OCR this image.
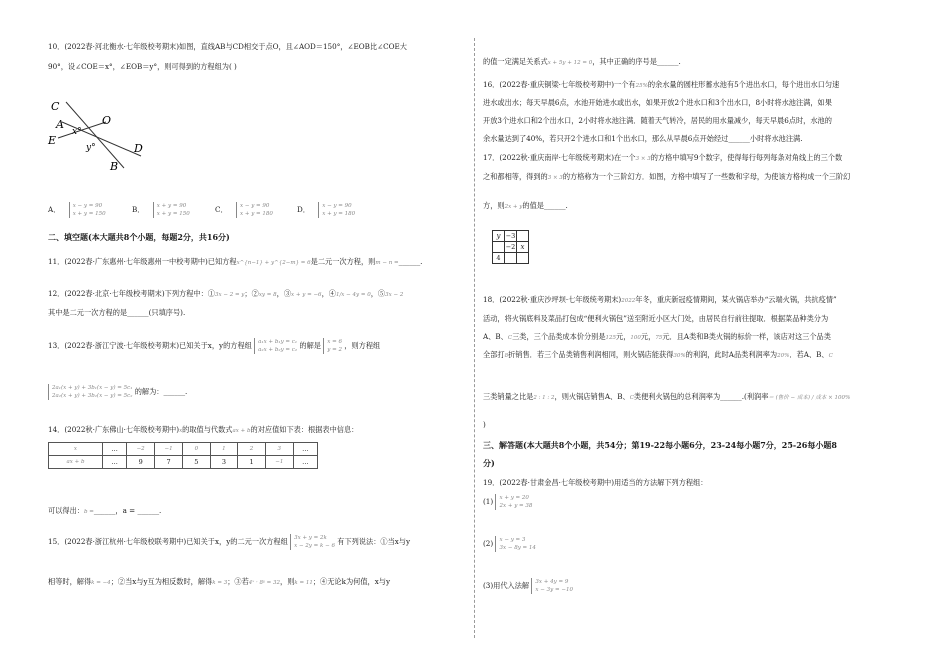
10．(2022春·河北衡水·七年级校考期末)如图，直线AB与CD相交于点O，且∠AOD＝150°，∠EOB比∠COE大
90°，设∠COE＝x°，∠EOB＝y°，则可得到的方程组为( )
C
A
E
x°
O
y°
B
D
A． x − y = 90
x + y = 150	B． x + y = 90
x + y = 150	C． x − y = 90
x + y = 180	D． x − y = 90
x + y = 180
二、填空题(本大题共8个小题，每题2分，共16分)
11．(2022春·广东惠州·七年级惠州一中校考期中)已知方程x^{n−1} + y^{2−m} = 6是二元一次方程，则m − n =______.
12．(2022春·北京·七年级校考期末)下列方程中：①3x − 2 = y；②xy = 8，③x + y = −6，④1/x − 4y = 0，⑤3x − 2
其中是二元一次方程的是______(只填序号).
13．(2022春·浙江宁波·七年级校考期末)已知关于x，y的方程组 a₁x + b₁y = c₁
a₂x + b₂y = c₂ 的解是 x = 6
y = 2 ，则方程组
2a₁(x + y) + 3b₁(x − y) = 5c₁
2a₂(x + y) + 3b₂(x − y) = 5c₂ 的解为：______.
14．(2022秋·广东佛山·七年级校考期中)x的取值与代数式ax + b的对应值如下表：根据表中信息：
x	…	−2	−1	0	1	2	3	…
ax + b	…	9	7	5	3	1	−1	…
可以得出：b =______，a = ______.
15．(2022春·浙江杭州·七年级校联考期中)已知关于x，y的二元一次方程组 3x + y = 2k
x − 2y = k − 6 有下列说法：①当x与y
相等时，解得k = −4；②当x与y互为相反数时，解得k = 3；③若4ˣ · 8ʸ = 32，则k = 11；④无论k为何值，x与y
的值一定满足关系式x + 5y + 12 = 0，其中正确的序号是______.
16．(2022春·重庆铜梁·七年级校考期中)一个有25%的余水量的圆柱形蓄水池有5个进出水口，每个进出水口匀速
进水或出水；每天早晨6点，水池开始进水或出水，如果开放2个进水口和3个出水口，8小时将水池注满，如果
开放3个进水口和2个出水口，2小时将水池注满．随着天气转冷，居民的用水量减少，每天早晨6点时，水池的
余水量达到了40%，若只开2个进水口和1个出水口，那么从早晨6点开始经过______小时将水池注满.
17．(2022秋·重庆南岸·七年级统考期末)在一个3 × 3的方格中填写9个数字，使得每行每列每条对角线上的三个数
之和都相等，得到的3 × 3的方格称为一个三阶幻方．如图，方格中填写了一些数和字母，为使该方格构成一个三阶幻
方，则2x + y的值是______.
y	−3	
	−2	x
4		
18．(2022秋·重庆沙坪坝·七年级统考期末)2022年冬，重庆新冠疫情期间，某火锅店举办“云端火锅，共抗疫情”
活动，将火锅底料及菜品打包成“便利火锅包”送至附近小区大门处，由居民自行前往提取．根据菜品种类分为
A、B、C三类，三个品类成本价分别是125元，100元，75元．且A类和B类火锅的标价一样，该店对这三个品类
全部打8折销售．若三个品类销售利润相同，则火锅店能获得30%的利润，此时A品类利润率为20%．若A、B、C
三类销量之比是2 : 1 : 2，则火锅店销售A、B、C类便利火锅包的总利润率为______.(利润率＝ (售价 − 成本) / 成本 × 100%
)
三、解答题(本大题共8个小题，共54分；第19-22每小题6分，23-24每小题7分，25-26每小题8
分)
19．(2022春·甘肃金昌·七年级校考期中)用适当的方法解下列方程组：
(1) x + y = 20
2x + y = 38
(2) x − y = 3
3x − 8y = 14
(3)用代入法解 3x + 4y = 9
x − 3y = −10
